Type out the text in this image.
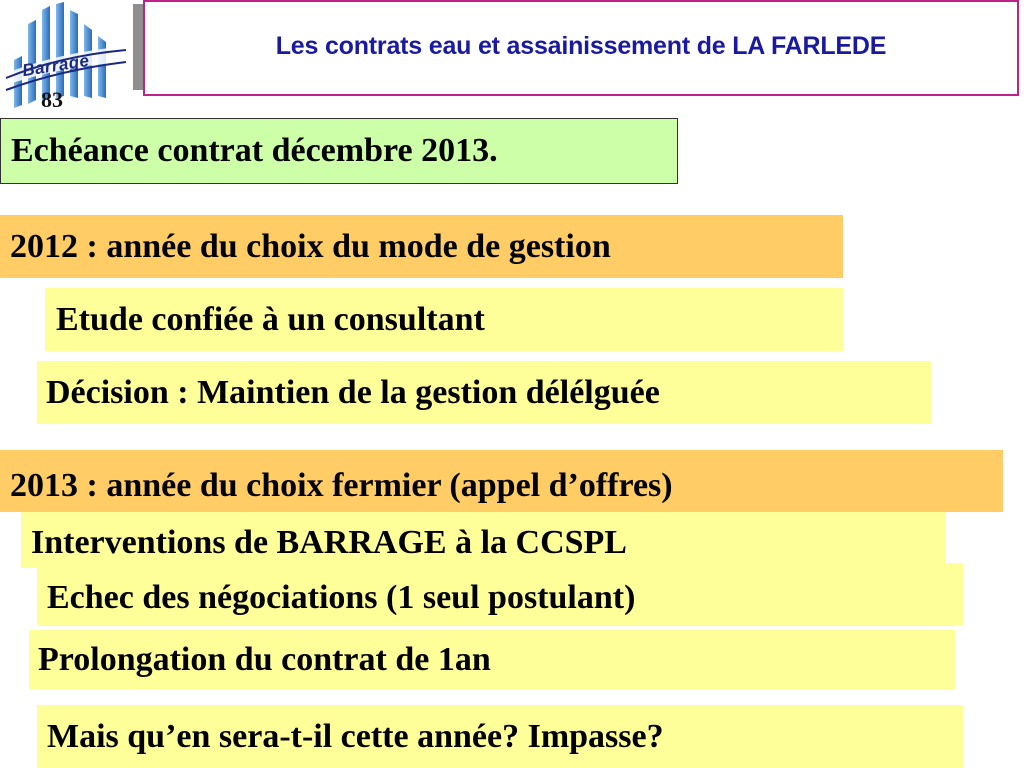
Barrage
83
Les contrats eau et assainissement de LA FARLEDE
Echéance contrat décembre 2013.
2012 : année du choix du mode de gestion
Etude confiée à un consultant
Décision : Maintien de la gestion délélguée
Interventions de BARRAGE à la CCSPL
2013 : année du choix fermier (appel d’offres)
Echec des négociations (1 seul postulant)
Prolongation du contrat de 1an
Mais qu’en sera-t-il cette année? Impasse?
